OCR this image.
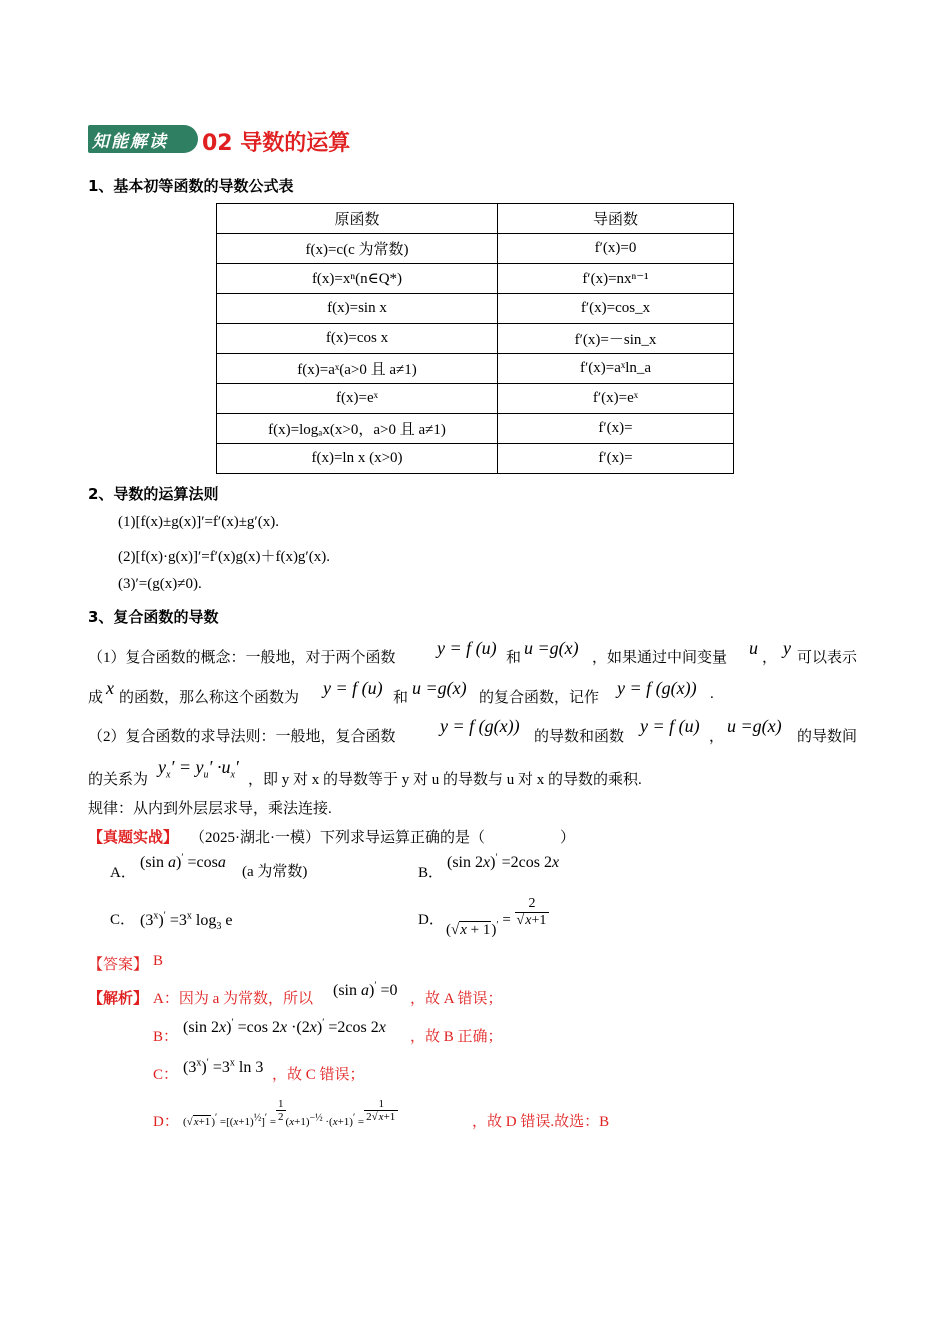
知能解读 02 导数的运算
1、基本初等函数的导数公式表
原函数	导函数
f(x)=c(c 为常数)	f′(x)=0
f(x)=xⁿ(n∈Q*)	f′(x)=nxⁿ⁻¹
f(x)=sin x	f′(x)=cos_x
f(x)=cos x	f′(x)=－sin_x
f(x)=aˣ(a>0 且 a≠1)	f′(x)=aˣln_a
f(x)=eˣ	f′(x)=eˣ
f(x)=logₐx(x>0，a>0 且 a≠1)	f′(x)=
f(x)=ln x (x>0)	f′(x)=
2、导数的运算法则
(1)[f(x)±g(x)]′=f′(x)±g′(x).
(2)[f(x)·g(x)]′=f′(x)g(x)＋f(x)g′(x).
(3)′=(g(x)≠0).
3、复合函数的导数
（1）复合函数的概念：一般地，对于两个函数 y = f (u) 和 u =g(x) ，如果通过中间变量 u ， y 可以表示
成 x 的函数，那么称这个函数为 y = f (u) 和 u =g(x) 的复合函数，记作 y = f (g(x)) .
（2）复合函数的求导法则：一般地，复合函数
y = f (g(x))
的导数和函数
y = f (u)
，
u =g(x)
的导数间
的关系为
$y_x' = y_u' \cdot u_x'$
，即 y 对 x 的导数等于 y 对 u 的导数与 u 对 x 的导数的乘积.
规律：从内到外层层求导，乘法连接.
【真题实战】 （2025·湖北·一模）下列求导运算正确的是（　　　　　）
A．
(sin a)′ =cosa
(a 为常数)	B．
(sin 2x)′ =2cos 2x
C． $(3^x)' =3^x$ $\log_3 e$	D．
$(√x + 1)' = \frac{2}{√x+1}$
【答案】 B
【解析】 A：因为 a 为常数，所以 (sin a)′ =0 ，故 A 错误；
B：
(sin 2x)′ =cos 2x ·(2x)′ =2cos 2x
，故 B 正确；
C： $(3^x)' =3^x$ ln 3 ，故 C 错误；
D： $(√x+1)' =[(x+1)^{\frac{1}{2}}]' = \frac{1}{2} (x+1)^{-\frac{1}{2}} \cdot(x+1)' = \frac{1}{2√x+1}$	，故 D 错误.故选：B
